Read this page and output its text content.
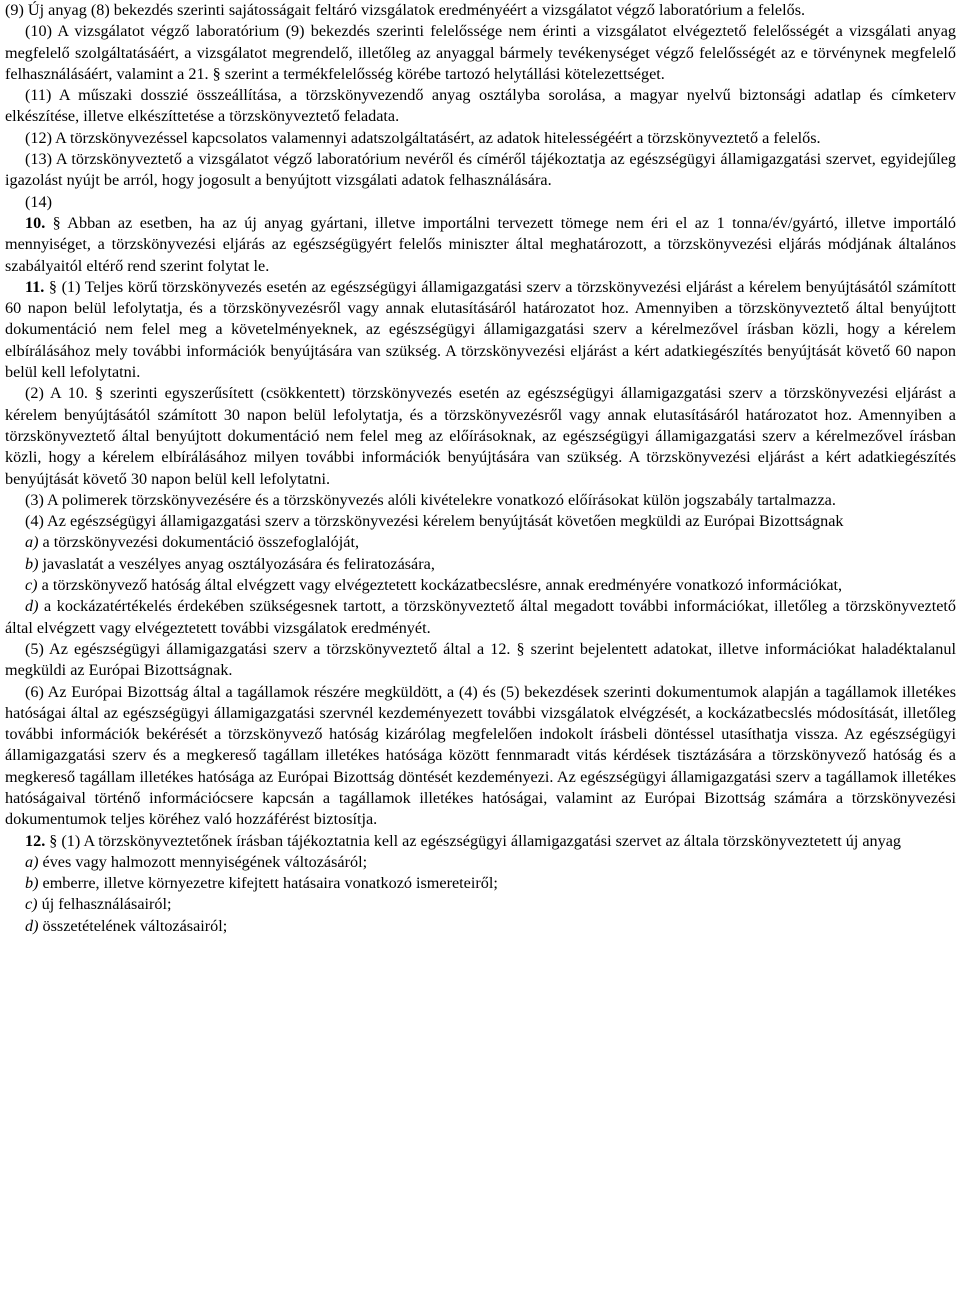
(9) Új anyag (8) bekezdés szerinti sajátosságait feltáró vizsgálatok eredményéért a vizsgálatot végző laboratórium a felelős.

(10) A vizsgálatot végző laboratórium (9) bekezdés szerinti felelőssége nem érinti a vizsgálatot elvégeztető felelősségét a vizsgálati anyag megfelelő szolgáltatásáért, a vizsgálatot megrendelő, illetőleg az anyaggal bármely tevékenységet végző felelősségét az e törvénynek megfelelő felhasználásáért, valamint a 21. § szerint a termékfelelősség körébe tartozó helytállási kötelezettséget.

(11) A műszaki dosszié összeállítása, a törzskönyvezendő anyag osztályba sorolása, a magyar nyelvű biztonsági adatlap és címketerv elkészítése, illetve elkészíttetése a törzskönyveztető feladata.

(12) A törzskönyvezéssel kapcsolatos valamennyi adatszolgáltatásért, az adatok hitelességéért a törzskönyveztető a felelős.

(13) A törzskönyveztető a vizsgálatot végző laboratórium nevéről és címéről tájékoztatja az egészségügyi államigazgatási szervet, egyidejűleg igazolást nyújt be arról, hogy jogosult a benyújtott vizsgálati adatok felhasználására.

(14)

10. § Abban az esetben, ha az új anyag gyártani, illetve importálni tervezett tömege nem éri el az 1 tonna/év/gyártó, illetve importáló mennyiséget, a törzskönyvezési eljárás az egészségügyért felelős miniszter által meghatározott, a törzskönyvezési eljárás módjának általános szabályaitól eltérő rend szerint folytat le.

11. § (1) Teljes körű törzskönyvezés esetén az egészségügyi államigazgatási szerv a törzskönyvezési eljárást a kérelem benyújtásától számított 60 napon belül lefolytatja, és a törzskönyvezésről vagy annak elutasításáról határozatot hoz. Amennyiben a törzskönyveztető által benyújtott dokumentáció nem felel meg a követelményeknek, az egészségügyi államigazgatási szerv a kérelmezővel írásban közli, hogy a kérelem elbírálásához mely további információk benyújtására van szükség. A törzskönyvezési eljárást a kért adatkiegészítés benyújtását követő 60 napon belül kell lefolytatni.

(2) A 10. § szerinti egyszerűsített (csökkentett) törzskönyvezés esetén az egészségügyi államigazgatási szerv a törzskönyvezési eljárást a kérelem benyújtásától számított 30 napon belül lefolytatja, és a törzskönyvezésről vagy annak elutasításáról határozatot hoz. Amennyiben a törzskönyveztető által benyújtott dokumentáció nem felel meg az előírásoknak, az egészségügyi államigazgatási szerv a kérelmezővel írásban közli, hogy a kérelem elbírálásához milyen további információk benyújtására van szükség. A törzskönyvezési eljárást a kért adatkiegészítés benyújtását követő 30 napon belül kell lefolytatni.

(3) A polimerek törzskönyvezésére és a törzskönyvezés alóli kivételekre vonatkozó előírásokat külön jogszabály tartalmazza.

(4) Az egészségügyi államigazgatási szerv a törzskönyvezési kérelem benyújtását követően megküldi az Európai Bizottságnak

a) a törzskönyvezési dokumentáció összefoglalóját,

b) javaslatát a veszélyes anyag osztályozására és feliratozására,

c) a törzskönyvező hatóság által elvégzett vagy elvégeztetett kockázatbecslésre, annak eredményére vonatkozó információkat,

d) a kockázatértékelés érdekében szükségesnek tartott, a törzskönyveztető által megadott további információkat, illetőleg a törzskönyveztető által elvégzett vagy elvégeztetett további vizsgálatok eredményét.

(5) Az egészségügyi államigazgatási szerv a törzskönyveztető által a 12. § szerint bejelentett adatokat, illetve információkat haladéktalanul megküldi az Európai Bizottságnak.

(6) Az Európai Bizottság által a tagállamok részére megküldött, a (4) és (5) bekezdések szerinti dokumentumok alapján a tagállamok illetékes hatóságai által az egészségügyi államigazgatási szervnél kezdeményezett további vizsgálatok elvégzését, a kockázatbecslés módosítását, illetőleg további információk bekérését a törzskönyvező hatóság kizárólag megfelelően indokolt írásbeli döntéssel utasíthatja vissza. Az egészségügyi államigazgatási szerv és a megkereső tagállam illetékes hatósága között fennmaradt vitás kérdések tisztázására a törzskönyvező hatóság és a megkereső tagállam illetékes hatósága az Európai Bizottság döntését kezdeményezi. Az egészségügyi államigazgatási szerv a tagállamok illetékes hatóságaival történő információcsere kapcsán a tagállamok illetékes hatóságai, valamint az Európai Bizottság számára a törzskönyvezési dokumentumok teljes köréhez való hozzáférést biztosítja.

12. § (1) A törzskönyveztetőnek írásban tájékoztatnia kell az egészségügyi államigazgatási szervet az általa törzskönyveztetett új anyag

a) éves vagy halmozott mennyiségének változásáról;

b) emberre, illetve környezetre kifejtett hatásaira vonatkozó ismereteiről;

c) új felhasználásairól;

d) összetételének változásairól;
